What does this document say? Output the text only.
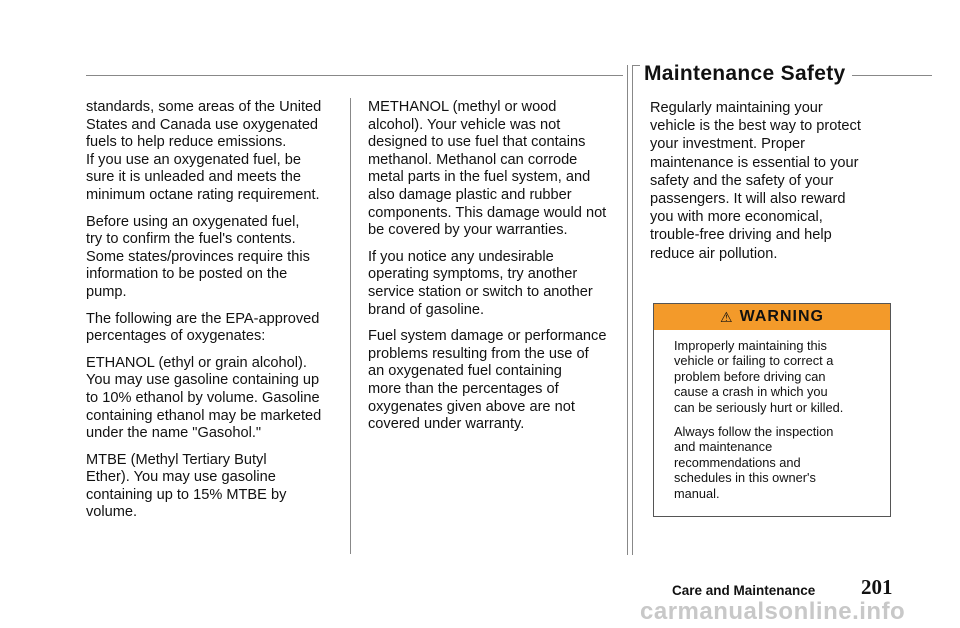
Maintenance Safety

standards, some areas of the United
States and Canada use oxygenated
fuels to help reduce emissions.
If you use an oxygenated fuel, be
sure it is unleaded and meets the
minimum octane rating requirement.

Before using an oxygenated fuel,
try to confirm the fuel's contents.
Some states/provinces require this
information to be posted on the
pump.

The following are the EPA-approved
percentages of oxygenates:

ETHANOL (ethyl or grain alcohol).
You may use gasoline containing up
to 10% ethanol by volume. Gasoline
containing ethanol may be marketed
under the name "Gasohol."

MTBE (Methyl Tertiary Butyl
Ether). You may use gasoline
containing up to 15% MTBE by
volume.

METHANOL (methyl or wood
alcohol). Your vehicle was not
designed to use fuel that contains
methanol. Methanol can corrode
metal parts in the fuel system, and
also damage plastic and rubber
components. This damage would not
be covered by your warranties.

If you notice any undesirable
operating symptoms, try another
service station or switch to another
brand of gasoline.

Fuel system damage or performance
problems resulting from the use of
an oxygenated fuel containing
more than the percentages of
oxygenates given above are not
covered under warranty.

Regularly maintaining your
vehicle is the best way to protect
your investment. Proper
maintenance is essential to your
safety and the safety of your
passengers. It will also reward
you with more economical,
trouble-free driving and help
reduce air pollution.

⚠ WARNING

Improperly maintaining this
vehicle or failing to correct a
problem before driving can
cause a crash in which you
can be seriously hurt or killed.

Always follow the inspection
and maintenance
recommendations and
schedules in this owner's
manual.

Care and Maintenance 201
carmanualsonline.info
